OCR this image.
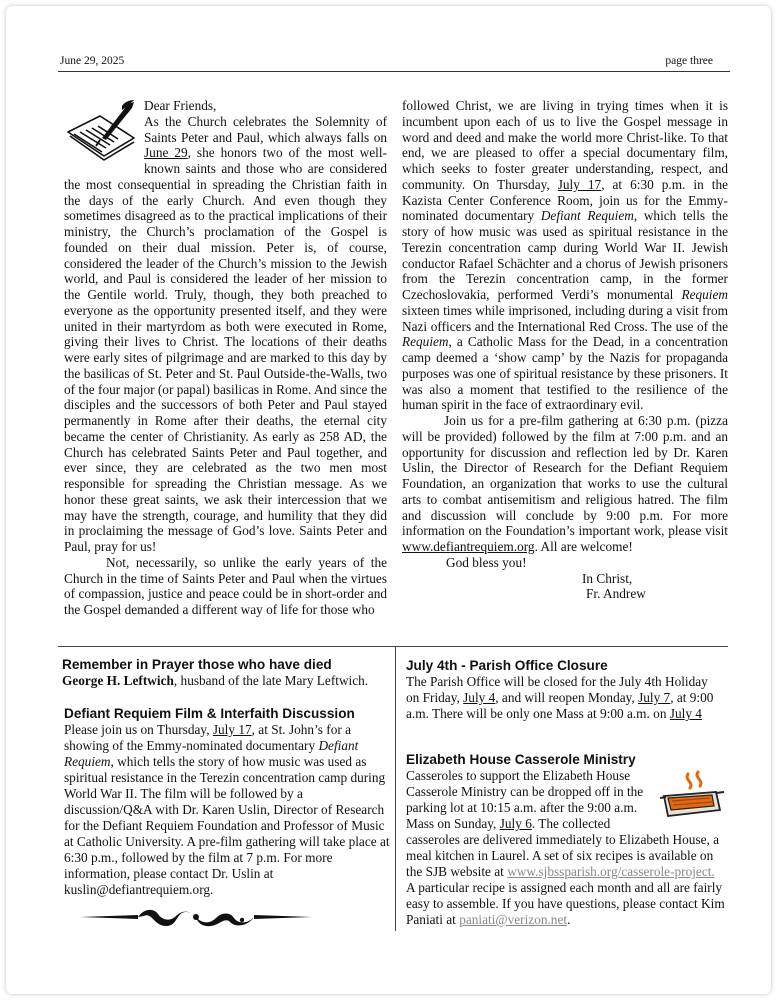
June 29, 2025	page three

Dear Friends,

As the Church celebrates the Solemnity of Saints Peter and Paul, which always falls on June 29, she honors two of the most well-known saints and those who are considered the most consequential in spreading the Christian faith in the days of the early Church. And even though they sometimes disagreed as to the practical implications of their ministry, the Church’s proclamation of the Gospel is founded on their dual mission. Peter is, of course, considered the leader of the Church’s mission to the Jewish world, and Paul is considered the leader of her mission to the Gentile world. Truly, though, they both preached to everyone as the opportunity presented itself, and they were united in their martyrdom as both were executed in Rome, giving their lives to Christ. The locations of their deaths were early sites of pilgrimage and are marked to this day by the basilicas of St. Peter and St. Paul Outside-the-Walls, two of the four major (or papal) basilicas in Rome. And since the disciples and the successors of both Peter and Paul stayed permanently in Rome after their deaths, the eternal city became the center of Christianity. As early as 258 AD, the Church has celebrated Saints Peter and Paul together, and ever since, they are celebrated as the two men most responsible for spreading the Christian message. As we honor these great saints, we ask their intercession that we may have the strength, courage, and humility that they did in proclaiming the message of God’s love. Saints Peter and Paul, pray for us!

Not, necessarily, so unlike the early years of the Church in the time of Saints Peter and Paul when the virtues of compassion, justice and peace could be in short-order and the Gospel demanded a different way of life for those who

followed Christ, we are living in trying times when it is incumbent upon each of us to live the Gospel message in word and deed and make the world more Christ-like. To that end, we are pleased to offer a special documentary film, which seeks to foster greater understanding, respect, and community. On Thursday, July 17, at 6:30 p.m. in the Kazista Center Conference Room, join us for the Emmy-nominated documentary Defiant Requiem, which tells the story of how music was used as spiritual resistance in the Terezin concentration camp during World War II. Jewish conductor Rafael Schächter and a chorus of Jewish prisoners from the Terezin concentration camp, in the former Czechoslovakia, performed Verdi’s monumental Requiem sixteen times while imprisoned, including during a visit from Nazi officers and the International Red Cross. The use of the Requiem, a Catholic Mass for the Dead, in a concentration camp deemed a ‘show camp’ by the Nazis for propaganda purposes was one of spiritual resistance by these prisoners. It was also a moment that testified to the resilience of the human spirit in the face of extraordinary evil.

Join us for a pre-film gathering at 6:30 p.m. (pizza will be provided) followed by the film at 7:00 p.m. and an opportunity for discussion and reflection led by Dr. Karen Uslin, the Director of Research for the Defiant Requiem Foundation, an organization that works to use the cultural arts to combat antisemitism and religious hatred. The film and discussion will conclude by 9:00 p.m. For more information on the Foundation’s important work, please visit www.defiantrequiem.org. All are welcome!

God bless you!

In Christ,

Fr. Andrew

Remember in Prayer those who have died
George H. Leftwich, husband of the late Mary Leftwich.
Defiant Requiem Film & Interfaith Discussion
Please join us on Thursday, July 17, at St. John’s for a showing of the Emmy-nominated documentary Defiant Requiem, which tells the story of how music was used as spiritual resistance in the Terezin concentration camp during World War II. The film will be followed by a discussion/Q&A with Dr. Karen Uslin, Director of Research for the Defiant Requiem Foundation and Professor of Music at Catholic University. A pre-film gathering will take place at 6:30 p.m., followed by the film at 7 p.m. For more information, please contact Dr. Uslin at kuslin@defiantrequiem.org.
July 4th - Parish Office Closure
The Parish Office will be closed for the July 4th Holiday on Friday, July 4, and will reopen Monday, July 7, at 9:00 a.m. There will be only one Mass at 9:00 a.m. on July 4
Elizabeth House Casserole Ministry
Casseroles to support the Elizabeth House Casserole Ministry can be dropped off in the parking lot at 10:15 a.m. after the 9:00 a.m. Mass on Sunday, July 6. The collected casseroles are delivered immediately to Elizabeth House, a meal kitchen in Laurel. A set of six recipes is available on the SJB website at www.sjbssparish.org/casserole-project. A particular recipe is assigned each month and all are fairly easy to assemble. If you have questions, please contact Kim Paniati at paniati@verizon.net.
